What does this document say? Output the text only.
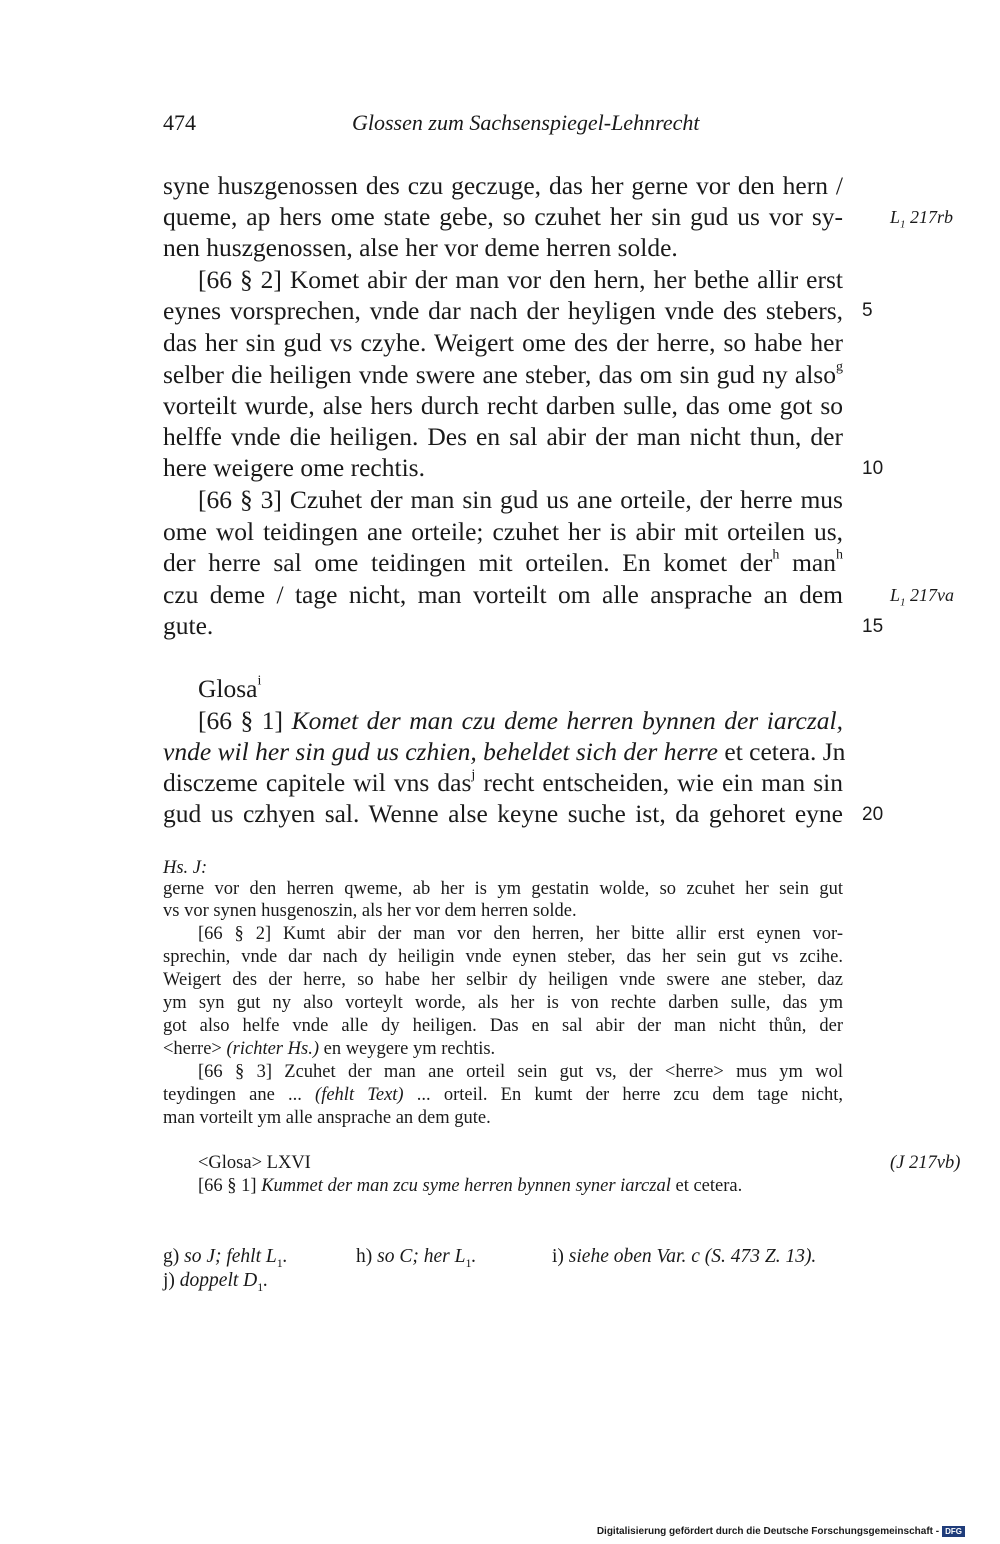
474	Glossen zum Sachsenspiegel-Lehnrecht
syne huszgenossen des czu geczuge, das her gerne vor den hern /
queme, ap hers ome state gebe, so czuhet her sin gud us vor sy-
nen huszgenossen, alse her vor deme herren solde.
[66 § 2] Komet abir der man vor den hern, her bethe allir erst
eynes vorsprechen, vnde dar nach der heyligen vnde des stebers,
das her sin gud vs czyhe. Weigert ome des der herre, so habe her
selber die heiligen vnde swere ane steber, das om sin gud ny also$^g$
vorteilt wurde, alse hers durch recht darben sulle, das ome got so
helffe vnde die heiligen. Des en sal abir der man nicht thun, der
here weigere ome rechtis.
[66 § 3] Czuhet der man sin gud us ane orteile, der herre mus
ome wol teidingen ane orteile; czuhet her is abir mit orteilen us,
der herre sal ome teidingen mit orteilen. En komet der$^h$ man$^h$
czu deme / tage nicht, man vorteilt om alle ansprache an dem
gute.
5
10
15
20
$L_1$ 217rb
$L_1$ 217va
Glosa$^i$
[66 § 1] Komet der man czu deme herren bynnen der iarczal,
vnde wil her sin gud us czhien, beheldet sich der herre et cetera. Jn
disczeme capitele wil vns das$^j$ recht entscheiden, wie ein man sin
gud us czhyen sal. Wenne alse keyne suche ist, da gehoret eyne
Hs. J:
gerne vor den herren qweme, ab her is ym gestatin wolde, so zcuhet her sein gut
vs vor synen husgenoszin, als her vor dem herren solde.
[66 § 2] Kumt abir der man vor den herren, her bitte allir erst eynen vor-
sprechin, vnde dar nach dy heiligin vnde eynen steber, das her sein gut vs zcihe.
Weigert des der herre, so habe her selbir dy heiligen vnde swere ane steber, daz
ym syn gut ny also vorteylt worde, als her is von rechte darben sulle, das ym
got also helfe vnde alle dy heiligen. Das en sal abir der man nicht thůn, der
<herre> (richter Hs.) en weygere ym rechtis.
[66 § 3] Zcuhet der man ane orteil sein gut vs, der <herre> mus ym wol
teydingen ane ... (fehlt Text) ... orteil. En kumt der herre zcu dem tage nicht,
man vorteilt ym alle ansprache an dem gute.
<Glosa> LXVI	(J 217vb)
[66 § 1] Kummet der man zcu syme herren bynnen syner iarczal et cetera.
g) so J; fehlt $L_1$.	h) so C; her $L_1$.	i) siehe oben Var. c (S. 473 Z. 13).
j) doppelt $D_1$.
Digitalisierung gefördert durch die Deutsche Forschungsgemeinschaft - DFG
